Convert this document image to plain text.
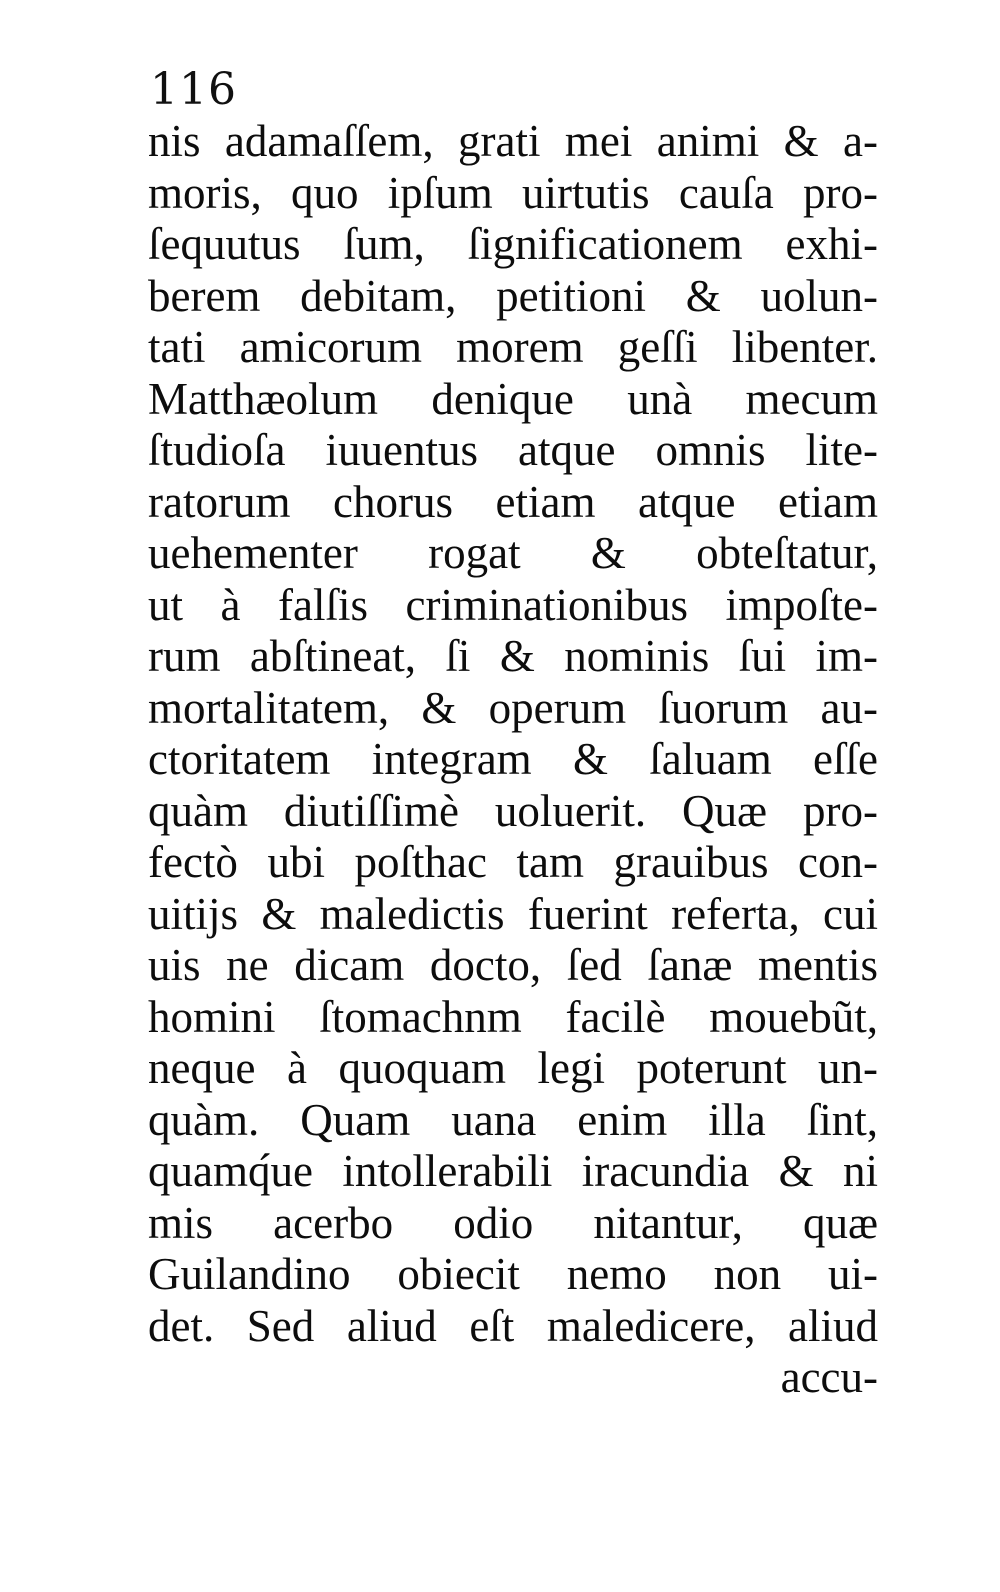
116
nis adamaſſem, grati mei animi & a-
moris, quo ipſum uirtutis cauſa pro-
ſequutus ſum, ſignificationem exhi-
berem debitam, petitioni & uolun-
tati amicorum morem geſſi libenter.
Matthæolum denique unà mecum
ſtudioſa iuuentus atque omnis lite-
ratorum chorus etiam atque etiam
uehementer rogat & obteſtatur,
ut à falſis criminationibus impoſte-
rum abſtineat, ſi & nominis ſui im-
mortalitatem, & operum ſuorum au-
ctoritatem integram & ſaluam eſſe
quàm diutiſſimè uoluerit. Quæ pro-
fectò ubi poſthac tam grauibus con-
uitijs & maledictis fuerint referta, cui
uis ne dicam docto, ſed ſanæ mentis
homini ſtomachnm facilè mouebũt,
neque à quoquam legi poterunt un-
quàm. Quam uana enim illa ſint,
quamq́ue intollerabili iracundia & ni
mis acerbo odio nitantur, quæ
Guilandino obiecit nemo non ui-
det. Sed aliud eſt maledicere, aliud
accu-
